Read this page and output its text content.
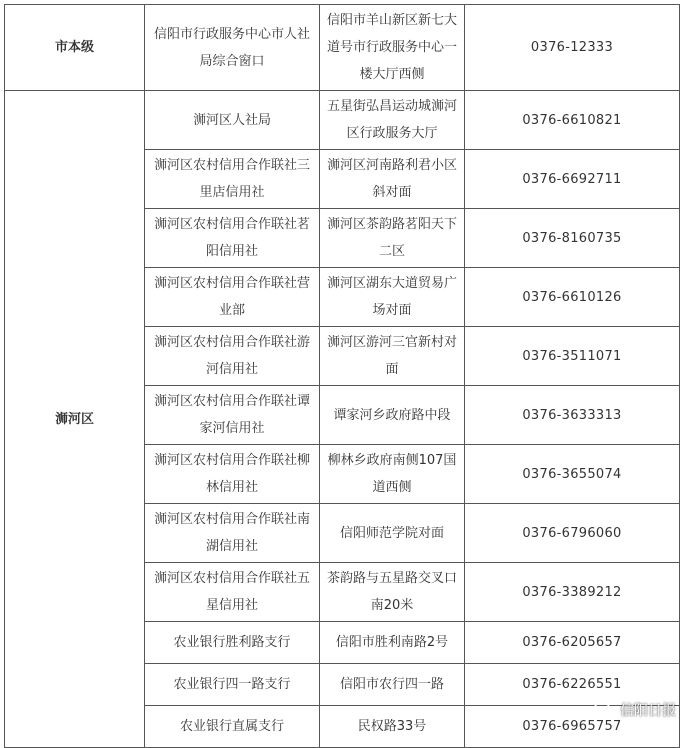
市本级	信阳市行政服务中心市人社局综合窗口	信阳市羊山新区新七大道号市行政服务中心一楼大厅西侧	0376-12333
浉河区	浉河区人社局	五星街弘昌运动城浉河区行政服务大厅	0376-6610821
	浉河区农村信用合作联社三里店信用社	浉河区河南路利君小区斜对面	0376-6692711
	浉河区农村信用合作联社茗阳信用社	浉河区茶韵路茗阳天下二区	0376-8160735
	浉河区农村信用合作联社营业部	浉河区湖东大道贸易广场对面	0376-6610126
	浉河区农村信用合作联社游河信用社	浉河区游河三官新村对面	0376-3511071
	浉河区农村信用合作联社谭家河信用社	谭家河乡政府路中段	0376-3633313
	浉河区农村信用合作联社柳林信用社	柳林乡政府南侧107国道西侧	0376-3655074
	浉河区农村信用合作联社南湖信用社	信阳师范学院对面	0376-6796060
	浉河区农村信用合作联社五星信用社	茶韵路与五星路交叉口南20米	0376-3389212
	农业银行胜利路支行	信阳市胜利南路2号	0376-6205657
	农业银行四一路支行	信阳市农行四一路	0376-6226551
	农业银行直属支行	民权路33号	0376-6965757
信阳日报
